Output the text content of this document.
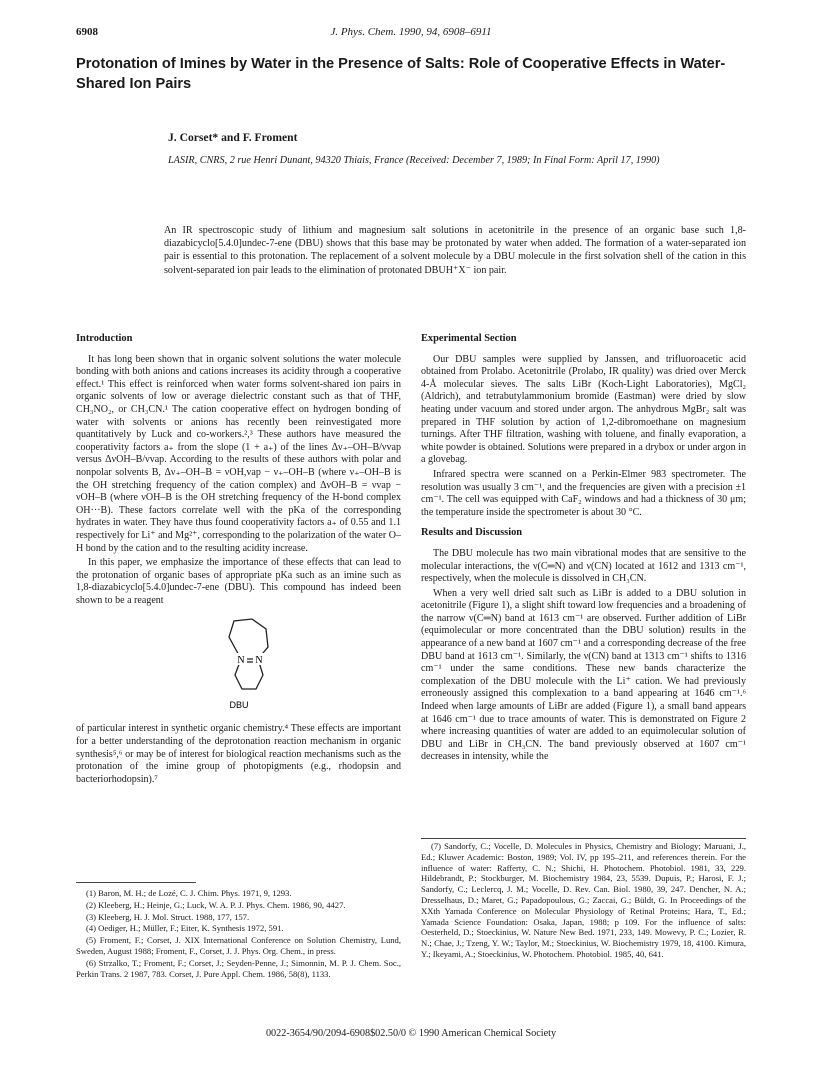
6908	J. Phys. Chem. 1990, 94, 6908–6911
Protonation of Imines by Water in the Presence of Salts: Role of Cooperative Effects in Water-Shared Ion Pairs

J. Corset* and F. Froment

LASIR, CNRS, 2 rue Henri Dunant, 94320 Thiais, France (Received: December 7, 1989; In Final Form: April 17, 1990)

An IR spectroscopic study of lithium and magnesium salt solutions in acetonitrile in the presence of an organic base such 1,8-diazabicyclo[5.4.0]undec-7-ene (DBU) shows that this base may be protonated by water when added. The formation of a water-separated ion pair is essential to this protonation. The replacement of a solvent molecule by a DBU molecule in the first solvation shell of the cation in this solvent-separated ion pair leads to the elimination of protonated DBUH⁺X⁻ ion pair.

Introduction

It has long been shown that in organic solvent solutions the water molecule bonding with both anions and cations increases its acidity through a cooperative effect.¹ This effect is reinforced when water forms solvent-shared ion pairs in organic solvents of low or average dielectric constant such as that of THF, CH₃NO₂, or CH₃CN.¹ The cation cooperative effect on hydrogen bonding of water with solvents or anions has recently been reinvestigated more quantitatively by Luck and co-workers.²,³ These authors have measured the cooperativity factors a₊ from the slope (1 + a₊) of the lines Δν₊–OH–B/νvap versus ΔνOH–B/νvap. According to the results of these authors with polar and nonpolar solvents B, Δν₊–OH–B = νOH,vap − ν₊–OH–B (where ν₊–OH–B is the OH stretching frequency of the cation complex) and ΔνOH–B = νvap − νOH–B (where νOH–B is the OH stretching frequency of the H-bond complex OH···B). These factors correlate well with the pKa of the corresponding hydrates in water. They have thus found cooperativity factors a₊ of 0.55 and 1.1 respectively for Li⁺ and Mg²⁺, corresponding to the polarization of the water O–H bond by the cation and to the resulting acidity increase.

In this paper, we emphasize the importance of these effects that can lead to the protonation of organic bases of appropriate pKa such as an imine such as 1,8-diazabicyclo[5.4.0]undec-7-ene (DBU). This compound has indeed been shown to be a reagent

N N
DBU

of particular interest in synthetic organic chemistry.⁴ These effects are important for a better understanding of the deprotonation reaction mechanism in organic synthesis⁵,⁶ or may be of interest for biological reaction mechanisms such as the protonation of the imine group of photopigments (e.g., rhodopsin and bacteriorhodopsin).⁷

Experimental Section

Our DBU samples were supplied by Janssen, and trifluoroacetic acid obtained from Prolabo. Acetonitrile (Prolabo, IR quality) was dried over Merck 4-Å molecular sieves. The salts LiBr (Koch-Light Laboratories), MgCl₂ (Aldrich), and tetrabutylammonium bromide (Eastman) were dried by slow heating under vacuum and stored under argon. The anhydrous MgBr₂ salt was prepared in THF solution by action of 1,2-dibromoethane on magnesium turnings. After THF filtration, washing with toluene, and finally evaporation, a white powder is obtained. Solutions were prepared in a drybox or under argon in a glovebag.

Infrared spectra were scanned on a Perkin-Elmer 983 spectrometer. The resolution was usually 3 cm⁻¹, and the frequencies are given with a precision ±1 cm⁻¹. The cell was equipped with CaF₂ windows and had a thickness of 30 μm; the temperature inside the spectrometer is about 30 °C.

Results and Discussion

The DBU molecule has two main vibrational modes that are sensitive to the molecular interactions, the ν(C═N) and ν(CN) located at 1612 and 1313 cm⁻¹, respectively, when the molecule is dissolved in CH₃CN.

When a very well dried salt such as LiBr is added to a DBU solution in acetonitrile (Figure 1), a slight shift toward low frequencies and a broadening of the narrow ν(C═N) band at 1613 cm⁻¹ are observed. Further addition of LiBr (equimolecular or more concentrated than the DBU solution) results in the appearance of a new band at 1607 cm⁻¹ and a corresponding decrease of the free DBU band at 1613 cm⁻¹. Similarly, the ν(CN) band at 1313 cm⁻¹ shifts to 1316 cm⁻¹ under the same conditions. These new bands characterize the complexation of the DBU molecule with the Li⁺ cation. We had previously erroneously assigned this complexation to a band appearing at 1646 cm⁻¹.⁶ Indeed when large amounts of LiBr are added (Figure 1), a small band appears at 1646 cm⁻¹ due to trace amounts of water. This is demonstrated on Figure 2 where increasing quantities of water are added to an equimolecular solution of DBU and LiBr in CH₃CN. The band previously observed at 1607 cm⁻¹ decreases in intensity, while the

(1) Baron, M. H.; de Lozé, C. J. Chim. Phys. 1971, 9, 1293.

(2) Kleeberg, H.; Heinje, G.; Luck, W. A. P. J. Phys. Chem. 1986, 90, 4427.

(3) Kleeberg, H. J. Mol. Struct. 1988, 177, 157.

(4) Oediger, H.; Müller, F.; Eiter, K. Synthesis 1972, 591.

(5) Froment, F.; Corset, J. XIX International Conference on Solution Chemistry, Lund, Sweden, August 1988; Froment, F., Corset, J. J. Phys. Org. Chem., in press.

(6) Strzalko, T.; Froment, F.; Corset, J.; Seyden-Penne, J.; Simonnin, M. P. J. Chem. Soc., Perkin Trans. 2 1987, 783. Corset, J. Pure Appl. Chem. 1986, 58(8), 1133.

(7) Sandorfy, C.; Vocelle, D. Molecules in Physics, Chemistry and Biology; Maruani, J., Ed.; Kluwer Academic: Boston, 1989; Vol. IV, pp 195–211, and references therein. For the influence of water: Rafferty, C. N.; Shichi, H. Photochem. Photobiol. 1981, 33, 229. Hildebrandt, P.; Stockburger, M. Biochemistry 1984, 23, 5539. Dupuis, P.; Harosi, F. J.; Sandorfy, C.; Leclercq, J. M.; Vocelle, D. Rev. Can. Biol. 1980, 39, 247. Dencher, N. A.; Dresselhaus, D.; Maret, G.; Papadopoulous, G.; Zaccai, G.; Büldt, G. In Proceedings of the XXth Yamada Conference on Molecular Physiology of Retinal Proteins; Hara, T., Ed.; Yamada Science Foundation: Osaka, Japan, 1988; p 109. For the influence of salts: Oesterheld, D.; Stoeckinius, W. Nature New Bed. 1971, 233, 149. Mowevy, P. C.; Lozier, R. N.; Chae, J.; Tzeng, Y. W.; Taylor, M.; Stoeckinius, W. Biochemistry 1979, 18, 4100. Kimura, Y.; Ikeyami, A.; Stoeckinius, W. Photochem. Photobiol. 1985, 40, 641.

0022-3654/90/2094-6908$02.50/0 © 1990 American Chemical Society
